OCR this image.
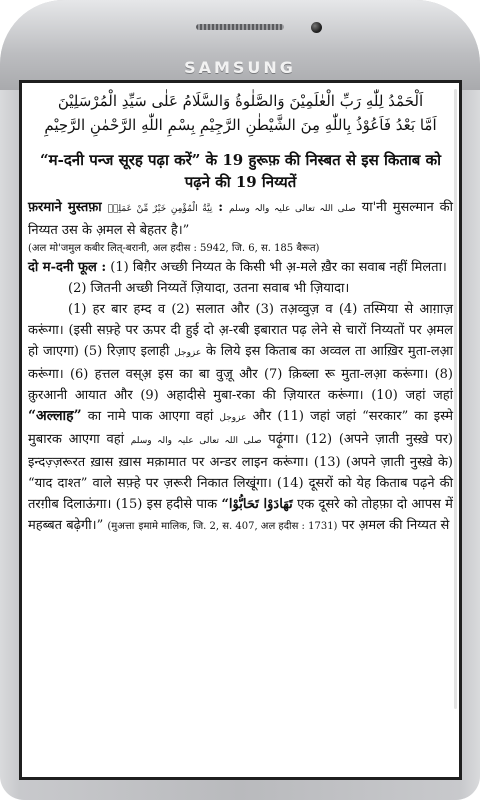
SAMSUNG
اَلْحَمْدُ لِلّٰهِ رَبِّ الْعٰلَمِيْنَ وَالصَّلٰوةُ وَالسَّلَامُ عَلٰى سَيِّدِ الْمُرْسَلِيْنَ
اَمَّا بَعْدُ فَاَعُوْذُ بِاللّٰهِ مِنَ الشَّيْطٰنِ الرَّجِيْمِ بِسْمِ اللّٰهِ الرَّحْمٰنِ الرَّحِيْمِ
“म-दनी पन्ज सूरह पढ़ा करें” के 19 हुरूफ़ की निस्बत से इस किताब को पढ़ने की 19 निय्यतें

फ़रमाने मुस्तफ़ा	صلی اللہ تعالی علیہ والہ وسلم : نِيَّةُ الْمُؤْمِنِ خَيْرٌ مِّنْ عَمَلِهٖ	या'नी मुसल्मान की निय्यत उस के अ़मल से बेहतर है।”

(अल मो'जमुल कबीर लित्-बरानी, अल हदीस : 5942, जि. 6, स. 185 बैरूत)

दो म-दनी फूल : (1) बिग़ैर अच्छी निय्यत के किसी भी अ़-मले ख़ैर का सवाब नहीं मिलता।

(2) जितनी अच्छी निय्यतें ज़ियादा, उतना सवाब भी ज़ियादा।

(1) हर बार हम्द व (2) सलात और (3) तअ़व्वुज़ व (4) तस्मिया से आग़ाज़ करूंगा। (इसी सफ़्हे पर ऊपर दी हुई दो अ़-रबी इबारात पढ़ लेने से चारों निय्यतों पर अ़मल हो जाएगा) (5) रिज़ाए इलाही عزوجل के लिये इस किताब का अव्वल ता आख़िर मुता-लआ़ करूंगा। (6) हत्तल वस्अ़ इस का बा वुज़ू और (7) क़िब्ला रू मुता-लआ़ करूंगा। (8) क़ुरआनी आयात और (9) अहादीसे मुबा-रका की ज़ियारत करूंगा। (10) जहां जहां “अल्लाह” का नामे पाक आएगा वहां عزوجل और (11) जहां जहां “सरकार” का इस्मे मुबारक आएगा वहां صلی اللہ تعالی علیہ والہ وسلم पढ़ूंगा। (12) (अपने ज़ाती नुस्ख़े पर) इन्दज़्ज़रूरत ख़ास ख़ास मक़ामात पर अन्डर लाइन करूंगा। (13) (अपने ज़ाती नुस्ख़े के) “याद दाश्त” वाले सफ़्हे पर ज़रूरी निकात लिखूंगा। (14) दूसरों को येह किताब पढ़ने की तरग़ीब दिलाऊंगा। (15) इस हदीसे पाक “تَهَادَوْا تَحَابُّوْا एक दूसरे को तोहफ़ा दो आपस में महब्बत बढ़ेगी।” (मुअत्ता इमामे मालिक, जि. 2, स. 407, अल हदीस : 1731) पर अ़मल की निय्यत से
